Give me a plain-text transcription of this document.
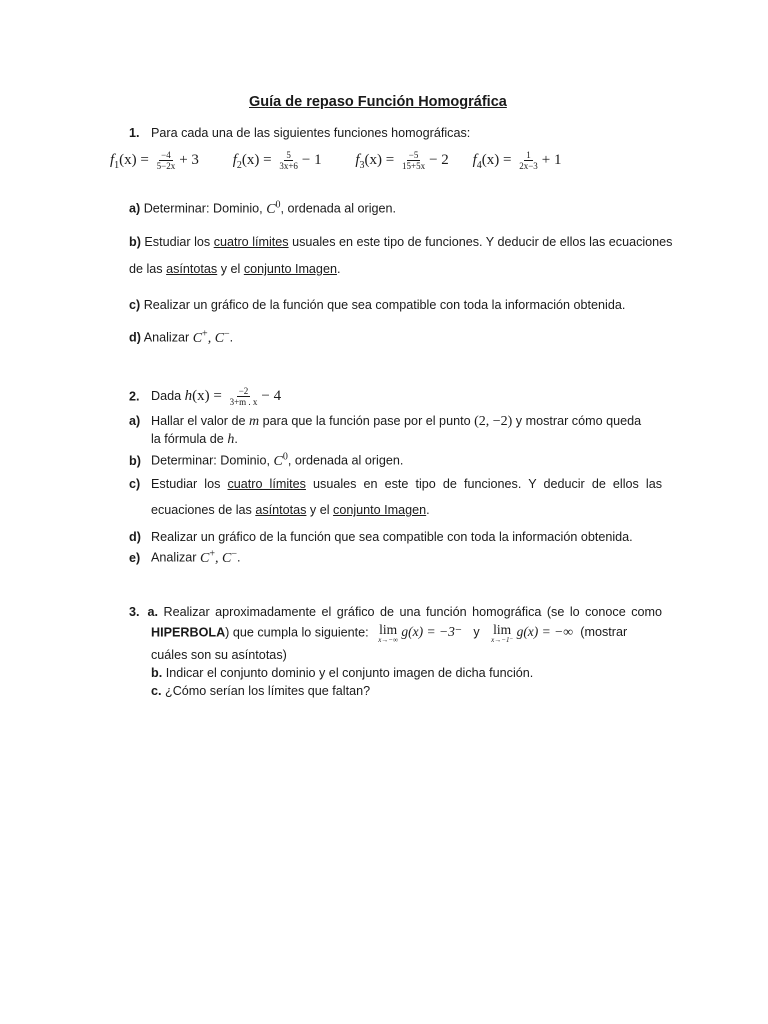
Guía de repaso Función Homográfica
1. Para cada una de las siguientes funciones homográficas:
$f_1(x) = \frac{-4}{5-2x} + 3$ $f_2(x) = \frac{5}{3x+6} - 1$ $f_3(x) = \frac{-5}{15+5x} - 2$ $f_4(x) = \frac{1}{2x-3} + 1$
a) Determinar: Dominio, $C^0$, ordenada al origen.
b) Estudiar los cuatro límites usuales en este tipo de funciones. Y deducir de ellos las ecuaciones
de las asíntotas y el conjunto Imagen.
c) Realizar un gráfico de la función que sea compatible con toda la información obtenida.
d) Analizar C+, C−.
2. Dada $h(x) = \frac{-2}{3+m . x} - 4$
a) Hallar el valor de m para que la función pase por el punto (2, −2) y mostrar cómo queda
la fórmula de h.
b) Determinar: Dominio, $C^0$, ordenada al origen.
c) Estudiar los cuatro límites usuales en este tipo de funciones. Y deducir de ellos las
ecuaciones de las asíntotas y el conjunto Imagen.
d) Realizar un gráfico de la función que sea compatible con toda la información obtenida.
e) Analizar C+, C−.
3. a. Realizar aproximadamente el gráfico de una función homográfica (se lo conoce como
HIPERBOLA) que cumpla lo siguiente: lim
x→−∞
g(x) = −3⁻ y lim
x→−1⁻
g(x) = −∞ (mostrar
cuáles son su asíntotas)
b. Indicar el conjunto dominio y el conjunto imagen de dicha función.
c. ¿Cómo serían los límites que faltan?
